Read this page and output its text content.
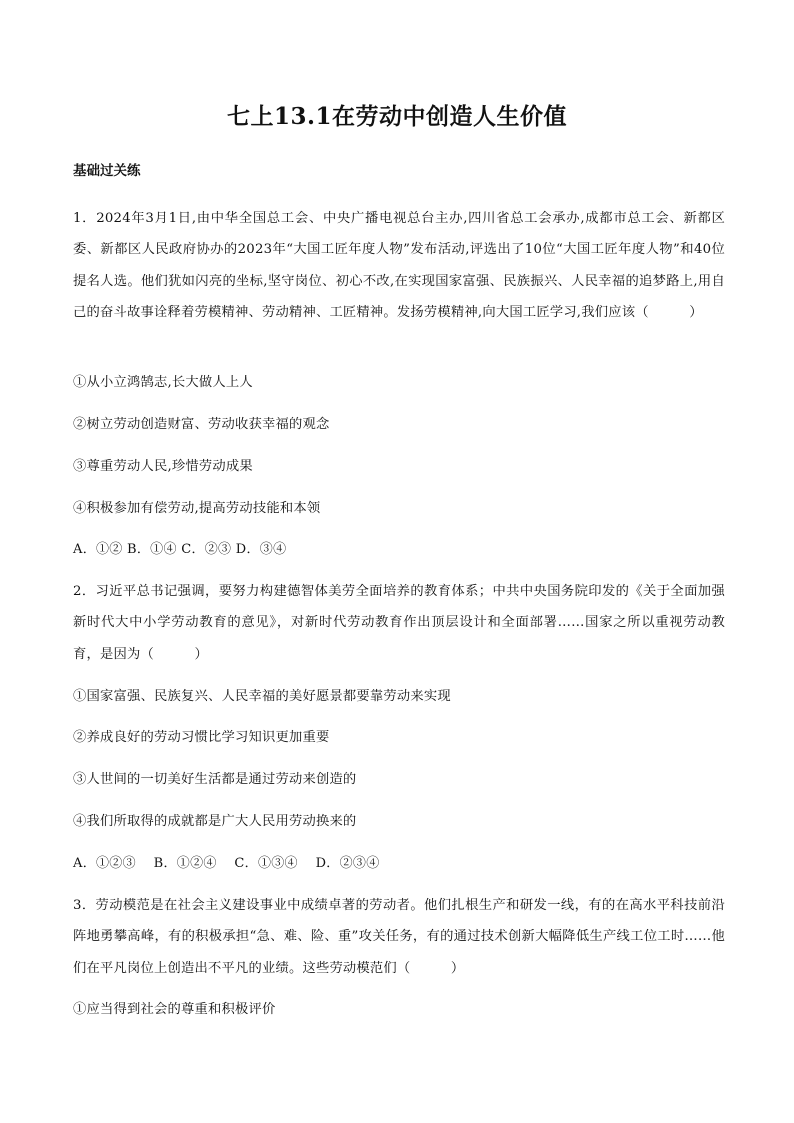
七上13.1在劳动中创造人生价值
基础过关练

1．2024年3月1日,由中华全国总工会、中央广播电视总台主办,四川省总工会承办,成都市总工会、新都区委、新都区人民政府协办的2023年“大国工匠年度人物”发布活动,评选出了10位“大国工匠年度人物”和40位提名人选。他们犹如闪亮的坐标,坚守岗位、初心不改,在实现国家富强、民族振兴、人民幸福的追梦路上,用自己的奋斗故事诠释着劳模精神、劳动精神、工匠精神。发扬劳模精神,向大国工匠学习,我们应该（　　　）

①从小立鸿鹄志,长大做人上人

②树立劳动创造财富、劳动收获幸福的观念

③尊重劳动人民,珍惜劳动成果

④积极参加有偿劳动,提高劳动技能和本领

A．①② B．①④ C．②③ D．③④

2．习近平总书记强调，要努力构建德智体美劳全面培养的教育体系；中共中央国务院印发的《关于全面加强新时代大中小学劳动教育的意见》，对新时代劳动教育作出顶层设计和全面部署……国家之所以重视劳动教育，是因为（　　　）

①国家富强、民族复兴、人民幸福的美好愿景都要靠劳动来实现

②养成良好的劳动习惯比学习知识更加重要

③人世间的一切美好生活都是通过劳动来创造的

④我们所取得的成就都是广大人民用劳动换来的

A．①②③　 B．①②④　 C．①③④　 D．②③④

3．劳动模范是在社会主义建设事业中成绩卓著的劳动者。他们扎根生产和研发一线，有的在高水平科技前沿阵地勇攀高峰，有的积极承担“急、难、险、重”攻关任务，有的通过技术创新大幅降低生产线工位工时……他们在平凡岗位上创造出不平凡的业绩。这些劳动模范们（　　　）

①应当得到社会的尊重和积极评价
